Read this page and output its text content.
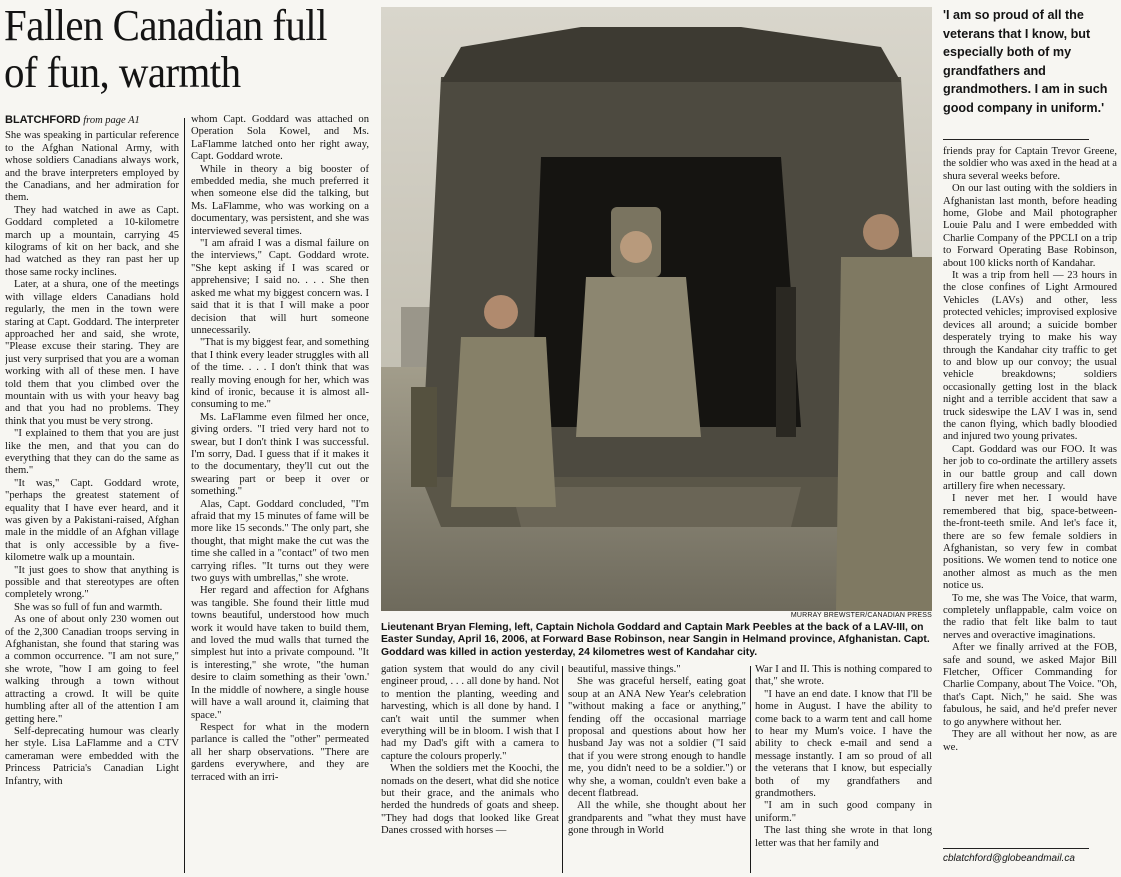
Fallen Canadian full of fun, warmth
BLATCHFORD from page A1

She was speaking in particular reference to the Afghan National Army, with whose soldiers Canadians always work, and the brave interpreters employed by the Canadians, and her admiration for them.

They had watched in awe as Capt. Goddard completed a 10-kilometre march up a mountain, carrying 45 kilograms of kit on her back, and she had watched as they ran past her up those same rocky inclines.

Later, at a shura, one of the meetings with village elders Canadians hold regularly, the men in the town were staring at Capt. Goddard. The interpreter approached her and said, she wrote, "Please excuse their staring. They are just very surprised that you are a woman working with all of these men. I have told them that you climbed over the mountain with us with your heavy bag and that you had no problems. They think that you must be very strong.

"I explained to them that you are just like the men, and that you can do everything that they can do the same as them."

"It was," Capt. Goddard wrote, "perhaps the greatest statement of equality that I have ever heard, and it was given by a Pakistani-raised, Afghan male in the middle of an Afghan village that is only accessible by a five-kilometre walk up a mountain.

"It just goes to show that anything is possible and that stereotypes are often completely wrong."

She was so full of fun and warmth.

As one of about only 230 women out of the 2,300 Canadian troops serving in Afghanistan, she found that staring was a common occurrence. "I am not sure," she wrote, "how I am going to feel walking through a town without attracting a crowd. It will be quite humbling after all of the attention I am getting here."

Self-deprecating humour was clearly her style. Lisa LaFlamme and a CTV cameraman were embedded with the Princess Patricia's Canadian Light Infantry, with

whom Capt. Goddard was attached on Operation Sola Kowel, and Ms. LaFlamme latched onto her right away, Capt. Goddard wrote.

While in theory a big booster of embedded media, she much preferred it when someone else did the talking, but Ms. LaFlamme, who was working on a documentary, was persistent, and she was interviewed several times.

"I am afraid I was a dismal failure on the interviews," Capt. Goddard wrote. "She kept asking if I was scared or apprehensive; I said no. . . . She then asked me what my biggest concern was. I said that it is that I will make a poor decision that will hurt someone unnecessarily.

"That is my biggest fear, and something that I think every leader struggles with all of the time. . . . I don't think that was really moving enough for her, which was kind of ironic, because it is almost all-consuming to me."

Ms. LaFlamme even filmed her once, giving orders. "I tried very hard not to swear, but I don't think I was successful. I'm sorry, Dad. I guess that if it makes it to the documentary, they'll cut out the swearing part or beep it over or something."

Alas, Capt. Goddard concluded, "I'm afraid that my 15 minutes of fame will be more like 15 seconds." The only part, she thought, that might make the cut was the time she called in a "contact" of two men carrying rifles. "It turns out they were two guys with umbrellas," she wrote.

Her regard and affection for Afghans was tangible. She found their little mud towns beautiful, understood how much work it would have taken to build them, and loved the mud walls that turned the simplest hut into a private compound. "It is interesting," she wrote, "the human desire to claim something as their 'own.' In the middle of nowhere, a single house will have a wall around it, claiming that space."

Respect for what in the modern parlance is called the "other" permeated all her sharp observations. "There are gardens everywhere, and they are terraced with an irri-

MURRAY BREWSTER/CANADIAN PRESS
Lieutenant Bryan Fleming, left, Captain Nichola Goddard and Captain Mark Peebles at the back of a LAV-III, on Easter Sunday, April 16, 2006, at Forward Base Robinson, near Sangin in Helmand province, Afghanistan. Capt. Goddard was killed in action yesterday, 24 kilometres west of Kandahar city.

gation system that would do any civil engineer proud, . . . all done by hand. Not to mention the planting, weeding and harvesting, which is all done by hand. I can't wait until the summer when everything will be in bloom. I wish that I had my Dad's gift with a camera to capture the colours properly."

When the soldiers met the Koochi, the nomads on the desert, what did she notice but their grace, and the animals who herded the hundreds of goats and sheep. "They had dogs that looked like Great Danes crossed with horses —

beautiful, massive things."

She was graceful herself, eating goat soup at an ANA New Year's celebration "without making a face or anything," fending off the occasional marriage proposal and questions about how her husband Jay was not a soldier ("I said that if you were strong enough to handle me, you didn't need to be a soldier.") or why she, a woman, couldn't even bake a decent flatbread.

All the while, she thought about her grandparents and "what they must have gone through in World

War I and II. This is nothing compared to that," she wrote.

"I have an end date. I know that I'll be home in August. I have the ability to come back to a warm tent and call home to hear my Mum's voice. I have the ability to check e-mail and send a message instantly. I am so proud of all the veterans that I know, but especially both of my grandfathers and grandmothers.

"I am in such good company in uniform."

The last thing she wrote in that long letter was that her family and

'I am so proud of all the veterans that I know, but especially both of my grandfathers and grandmothers. I am in such good company in uniform.'

friends pray for Captain Trevor Greene, the soldier who was axed in the head at a shura several weeks before.

On our last outing with the soldiers in Afghanistan last month, before heading home, Globe and Mail photographer Louie Palu and I were embedded with Charlie Company of the PPCLI on a trip to Forward Operating Base Robinson, about 100 klicks north of Kandahar.

It was a trip from hell — 23 hours in the close confines of Light Armoured Vehicles (LAVs) and other, less protected vehicles; improvised explosive devices all around; a suicide bomber desperately trying to make his way through the Kandahar city traffic to get to and blow up our convoy; the usual vehicle breakdowns; soldiers occasionally getting lost in the black night and a terrible accident that saw a truck sideswipe the LAV I was in, send the canon flying, which badly bloodied and injured two young privates.

Capt. Goddard was our FOO. It was her job to co-ordinate the artillery assets in our battle group and call down artillery fire when necessary.

I never met her. I would have remembered that big, space-between-the-front-teeth smile. And let's face it, there are so few female soldiers in Afghanistan, so very few in combat positions. We women tend to notice one another almost as much as the men notice us.

To me, she was The Voice, that warm, completely unflappable, calm voice on the radio that felt like balm to taut nerves and overactive imaginations.

After we finally arrived at the FOB, safe and sound, we asked Major Bill Fletcher, Officer Commanding for Charlie Company, about The Voice. "Oh, that's Capt. Nich," he said. She was fabulous, he said, and he'd prefer never to go anywhere without her.

They are all without her now, as are we.

cblatchford@globeandmail.ca
